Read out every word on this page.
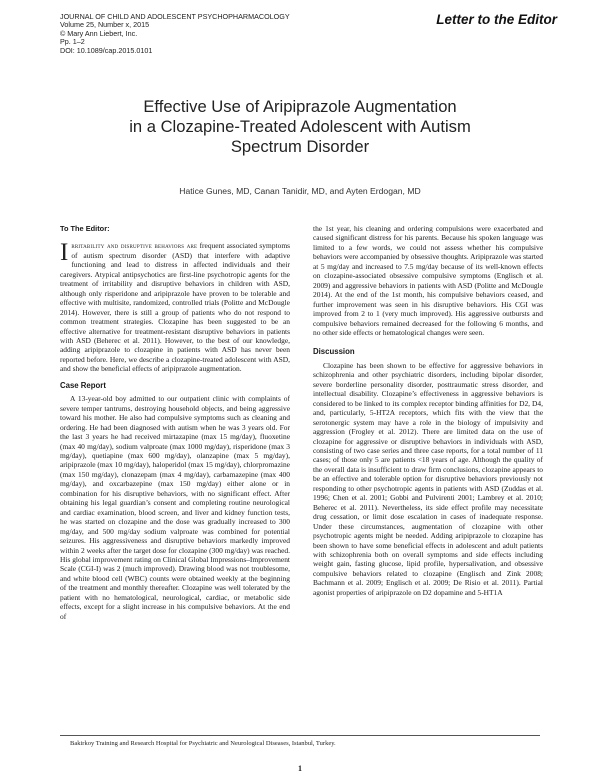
JOURNAL OF CHILD AND ADOLESCENT PSYCHOPHARMACOLOGY
Volume 25, Number x, 2015
© Mary Ann Liebert, Inc.
Pp. 1–2
DOI: 10.1089/cap.2015.0101
Letter to the Editor
Effective Use of Aripiprazole Augmentation
in a Clozapine-Treated Adolescent with Autism
Spectrum Disorder
Hatice Gunes, MD, Canan Tanidir, MD, and Ayten Erdogan, MD
To The Editor:

Irritability and disruptive behaviors are frequent associated symptoms of autism spectrum disorder (ASD) that interfere with adaptive functioning and lead to distress in affected individuals and their caregivers. Atypical antipsychotics are first-line psychotropic agents for the treatment of irritability and disruptive behaviors in children with ASD, although only risperidone and aripiprazole have proven to be tolerable and effective with multisite, randomized, controlled trials (Politte and McDougle 2014). However, there is still a group of patients who do not respond to common treatment strategies. Clozapine has been suggested to be an effective alternative for treatment-resistant disruptive behaviors in patients with ASD (Beherec et al. 2011). However, to the best of our knowledge, adding aripiprazole to clozapine in patients with ASD has never been reported before. Here, we describe a clozapine-treated adolescent with ASD, and show the beneficial effects of aripiprazole augmentation.

Case Report

A 13-year-old boy admitted to our outpatient clinic with complaints of severe temper tantrums, destroying household objects, and being aggressive toward his mother. He also had compulsive symptoms such as cleaning and ordering. He had been diagnosed with autism when he was 3 years old. For the last 3 years he had received mirtazapine (max 15 mg/day), fluoxetine (max 40 mg/day), sodium valproate (max 1000 mg/day), risperidone (max 3 mg/day), quetiapine (max 600 mg/day), olanzapine (max 5 mg/day), aripiprazole (max 10 mg/day), haloperidol (max 15 mg/day), chlorpromazine (max 150 mg/day), clonazepam (max 4 mg/day), carbamazepine (max 400 mg/day), and oxcarbazepine (max 150 mg/day) either alone or in combination for his disruptive behaviors, with no significant effect. After obtaining his legal guardian’s consent and completing routine neurological and cardiac examination, blood screen, and liver and kidney function tests, he was started on clozapine and the dose was gradually increased to 300 mg/day, and 500 mg/day sodium valproate was combined for potential seizures. His aggressiveness and disruptive behaviors markedly improved within 2 weeks after the target dose for clozapine (300 mg/day) was reached. His global improvement rating on Clinical Global Impressions–Improvement Scale (CGI-I) was 2 (much improved). Drawing blood was not troublesome, and white blood cell (WBC) counts were obtained weekly at the beginning of the treatment and monthly thereafter. Clozapine was well tolerated by the patient with no hematological, neurological, cardiac, or metabolic side effects, except for a slight increase in his compulsive behaviors. At the end of

the 1st year, his cleaning and ordering compulsions were exacerbated and caused significant distress for his parents. Because his spoken language was limited to a few words, we could not assess whether his compulsive behaviors were accompanied by obsessive thoughts. Aripiprazole was started at 5 mg/day and increased to 7.5 mg/day because of its well-known effects on clozapine-associated obsessive compulsive symptoms (Englisch et al. 2009) and aggressive behaviors in patients with ASD (Politte and McDougle 2014). At the end of the 1st month, his compulsive behaviors ceased, and further improvement was seen in his disruptive behaviors. His CGI was improved from 2 to 1 (very much improved). His aggressive outbursts and compulsive behaviors remained decreased for the following 6 months, and no other side effects or hematological changes were seen.

Discussion

Clozapine has been shown to be effective for aggressive behaviors in schizophrenia and other psychiatric disorders, including bipolar disorder, severe borderline personality disorder, posttraumatic stress disorder, and intellectual disability. Clozapine’s effectiveness in aggressive behaviors is considered to be linked to its complex receptor binding affinities for D2, D4, and, particularly, 5-HT2A receptors, which fits with the view that the serotonergic system may have a role in the biology of impulsivity and aggression (Frogley et al. 2012). There are limited data on the use of clozapine for aggressive or disruptive behaviors in individuals with ASD, consisting of two case series and three case reports, for a total number of 11 cases; of those only 5 are patients <18 years of age. Although the quality of the overall data is insufficient to draw firm conclusions, clozapine appears to be an effective and tolerable option for disruptive behaviors previously not responding to other psychotropic agents in patients with ASD (Zuddas et al. 1996; Chen et al. 2001; Gobbi and Pulvirenti 2001; Lambrey et al. 2010; Beherec et al. 2011). Nevertheless, its side effect profile may necessitate drug cessation, or limit dose escalation in cases of inadequate response. Under these circumstances, augmentation of clozapine with other psychotropic agents might be needed. Adding aripiprazole to clozapine has been shown to have some beneficial effects in adolescent and adult patients with schizophrenia both on overall symptoms and side effects including weight gain, fasting glucose, lipid profile, hypersalivation, and obsessive compulsive behaviors related to clozapine (Englisch and Zink 2008; Bachmann et al. 2009; Englisch et al. 2009; De Risio et al. 2011). Partial agonist properties of aripiprazole on D2 dopamine and 5-HT1A

Bakirkoy Training and Research Hospital for Psychiatric and Neurological Diseases, Istanbul, Turkey.
1
